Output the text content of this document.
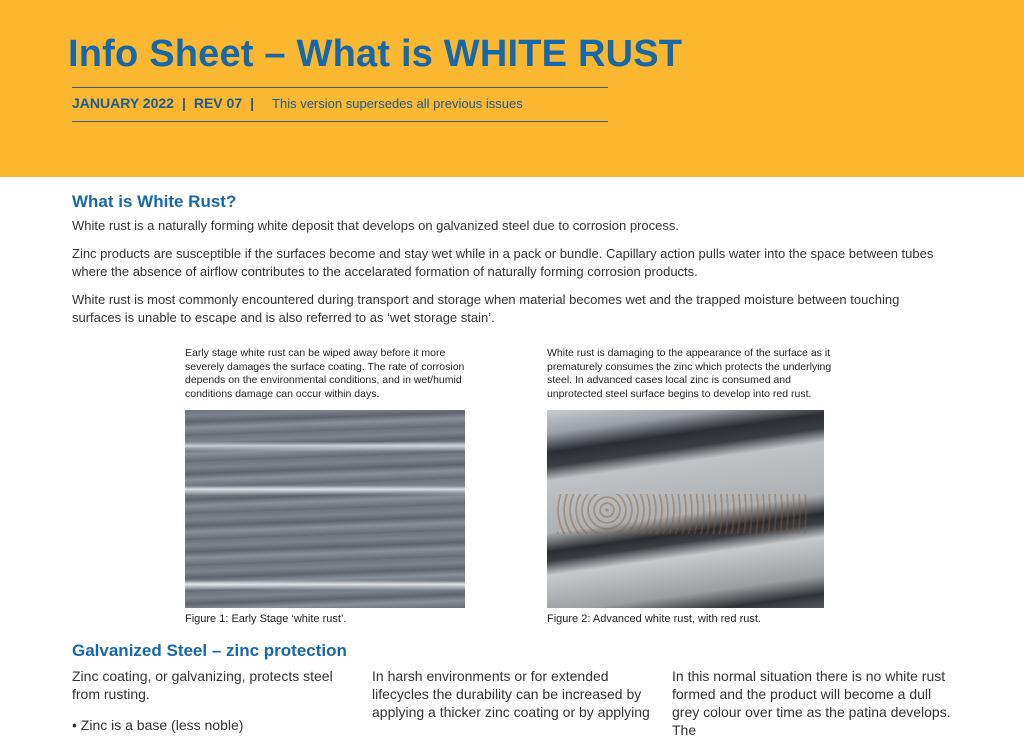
Info Sheet – What is WHITE RUST
JANUARY 2022 | REV 07 | This version supersedes all previous issues
What is White Rust?

White rust is a naturally forming white deposit that develops on galvanized steel due to corrosion process.

Zinc products are susceptible if the surfaces become and stay wet while in a pack or bundle. Capillary action pulls water into the space between tubes where the absence of airflow contributes to the accelarated formation of naturally forming corrosion products.

White rust is most commonly encountered during transport and storage when material becomes wet and the trapped moisture between touching surfaces is unable to escape and is also referred to as ‘wet storage stain’.

Early stage white rust can be wiped away before it more severely damages the surface coating. The rate of corrosion depends on the environmental conditions, and in wet/humid conditions damage can occur within days.
Figure 1: Early Stage ‘white rust’.
White rust is damaging to the appearance of the surface as it prematurely consumes the zinc which protects the underlying steel. In advanced cases local zinc is consumed and unprotected steel surface begins to develop into red rust.
Figure 2: Advanced white rust, with red rust.
Galvanized Steel – zinc protection

Zinc coating, or galvanizing, protects steel from rusting.

In harsh environments or for extended lifecycles the durability can be increased by applying a thicker zinc coating or by applying

In this normal situation there is no white rust formed and the product will become a dull grey colour over time as the patina develops. The

• Zinc is a base (less noble)
